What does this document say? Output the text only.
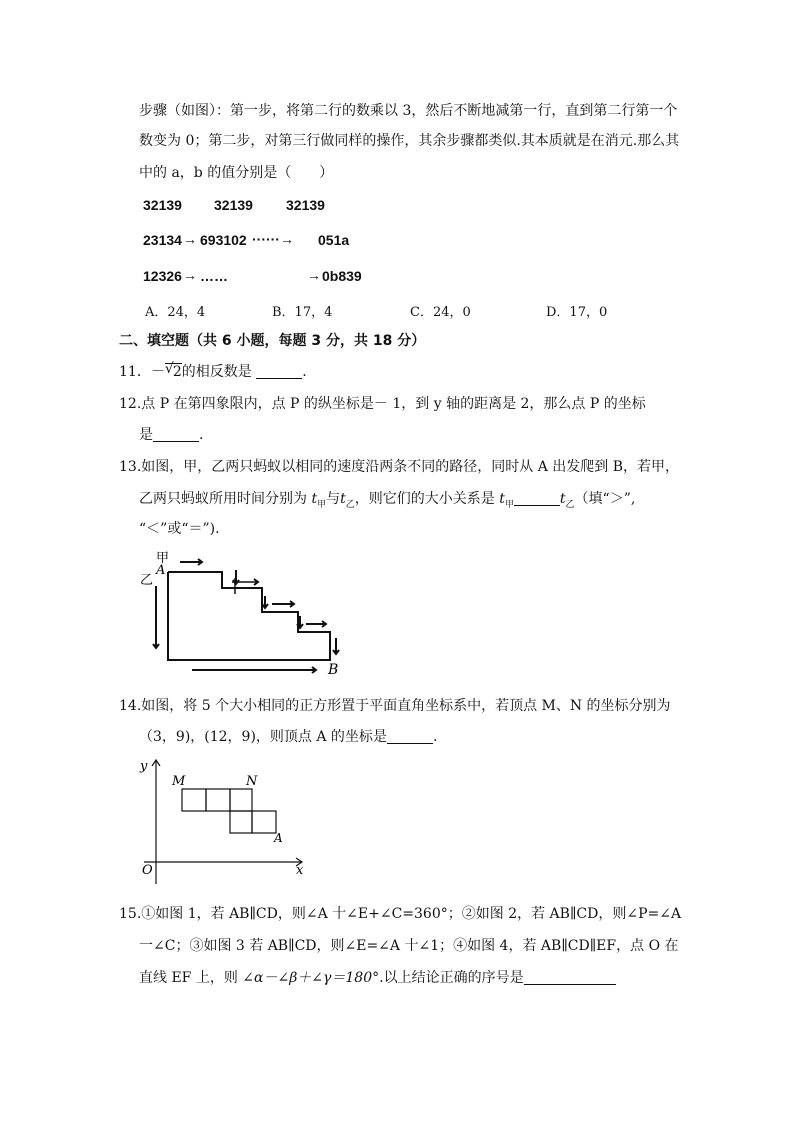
步骤（如图）：第一步，将第二行的数乘以 3，然后不断地减第一行，直到第二行第一个
数变为 0；第二步，对第三行做同样的操作，其余步骤都类似.其本质就是在消元.那么其
中的 a，b 的值分别是（　　）
32139 32139 32139
23134 → 693102 ······→ 051a
12326 → ……	→ 0b839
A．24，4	B．17，4	C．24，0	D．17，0
二、填空题（共 6 小题，每题 3 分，共 18 分）
11．－ √ 2的相反数是	.
12.点 P 在第四象限内，点 P 的纵坐标是－ 1，到 y 轴的距离是 2，那么点 P 的坐标
是	.
13.如图，甲，乙两只蚂蚁以相同的速度沿两条不同的路径，同时从 A 出发爬到 B，若甲，
乙两只蚂蚁所用时间分别为 $t_甲$与$t_乙$，则它们的大小关系是 $t_甲$	$t_乙$（填“＞”,
“＜”或“＝”).
甲
A
乙
B
14.如图，将 5 个大小相同的正方形置于平面直角坐标系中，若顶点 M、N 的坐标分别为
（3，9)，(12，9)，则顶点 A 的坐标是	.
y
x
O
M	N
A
15.①如图 1，若 AB∥CD，则∠A 十∠E+∠C=360°；②如图 2，若 AB∥CD，则∠P=∠A
一∠C；③如图 3 若 AB∥CD，则∠E=∠A 十∠1；④如图 4，若 AB∥CD∥EF，点 O 在
直线 EF 上，则 ∠α－∠β＋∠γ＝180°.以上结论正确的序号是
